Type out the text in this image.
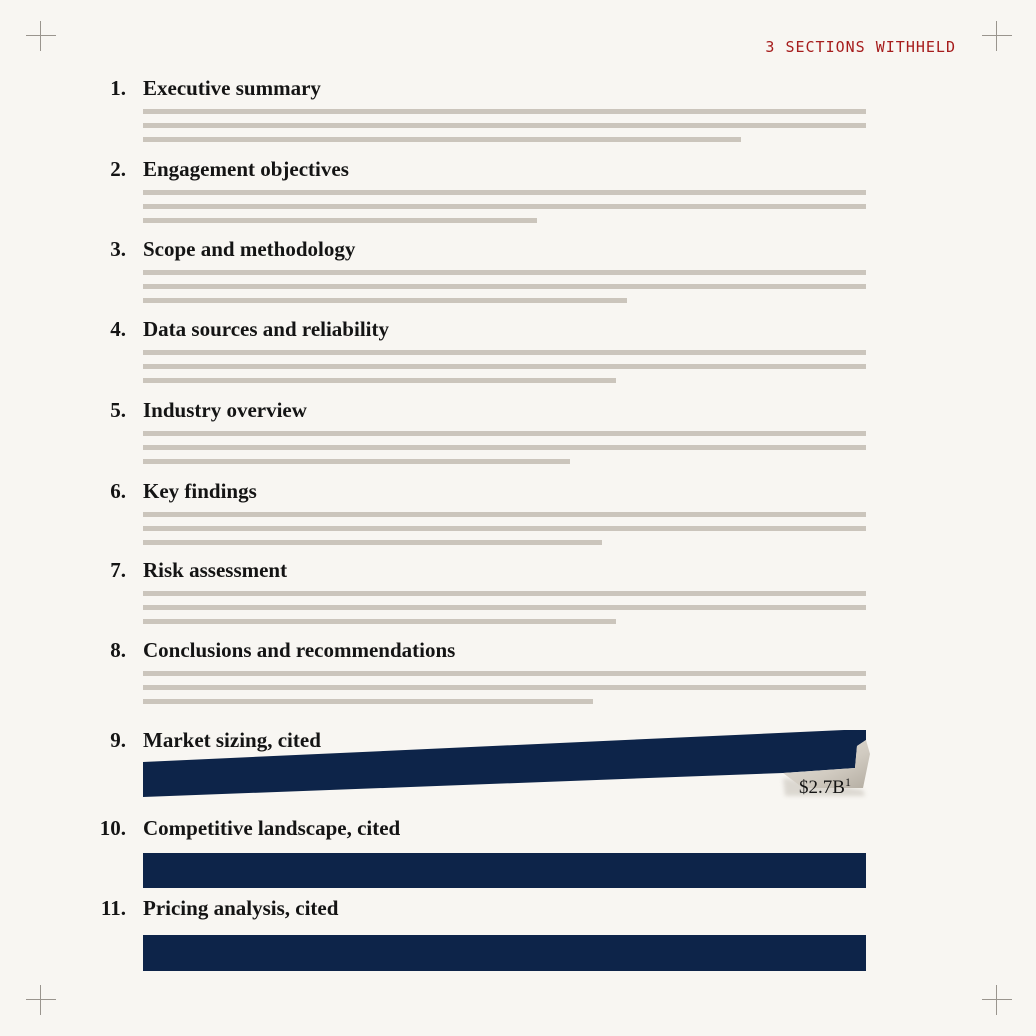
3 SECTIONS WITHHELD
1. Executive summary
2. Engagement objectives
3. Scope and methodology
4. Data sources and reliability
5. Industry overview
6. Key findings
7. Risk assessment
8. Conclusions and recommendations
9. Market sizing, cited
$\$2.7B^1$
10. Competitive landscape, cited
11. Pricing analysis, cited
